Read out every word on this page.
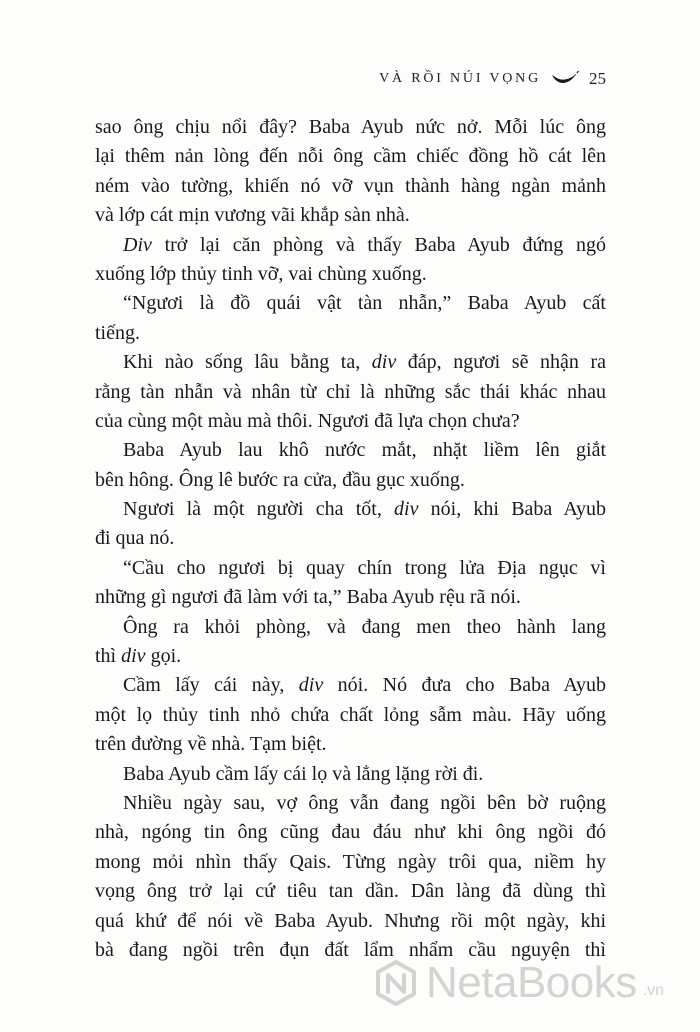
VÀ RỒI NÚI VỌNG	25
sao ông chịu nổi đây? Baba Ayub nức nở. Mỗi lúc ông
lại thêm nản lòng đến nỗi ông cầm chiếc đồng hồ cát lên
ném vào tường, khiến nó vỡ vụn thành hàng ngàn mảnh
và lớp cát mịn vương vãi khắp sàn nhà.
Div trở lại căn phòng và thấy Baba Ayub đứng ngó
xuống lớp thủy tinh vỡ, vai chùng xuống.
“Ngươi là đồ quái vật tàn nhẫn,” Baba Ayub cất
tiếng.
Khi nào sống lâu bằng ta, div đáp, ngươi sẽ nhận ra
rằng tàn nhẫn và nhân từ chỉ là những sắc thái khác nhau
của cùng một màu mà thôi. Ngươi đã lựa chọn chưa?
Baba Ayub lau khô nước mắt, nhặt liềm lên giắt
bên hông. Ông lê bước ra cửa, đầu gục xuống.
Ngươi là một người cha tốt, div nói, khi Baba Ayub
đi qua nó.
“Cầu cho ngươi bị quay chín trong lửa Địa ngục vì
những gì ngươi đã làm với ta,” Baba Ayub rệu rã nói.
Ông ra khỏi phòng, và đang men theo hành lang
thì div gọi.
Cầm lấy cái này, div nói. Nó đưa cho Baba Ayub
một lọ thủy tinh nhỏ chứa chất lỏng sẫm màu. Hãy uống
trên đường về nhà. Tạm biệt.
Baba Ayub cầm lấy cái lọ và lẳng lặng rời đi.
Nhiều ngày sau, vợ ông vẫn đang ngồi bên bờ ruộng
nhà, ngóng tin ông cũng đau đáu như khi ông ngồi đó
mong mỏi nhìn thấy Qais. Từng ngày trôi qua, niềm hy
vọng ông trở lại cứ tiêu tan dần. Dân làng đã dùng thì
quá khứ để nói về Baba Ayub. Nhưng rồi một ngày, khi
bà đang ngồi trên đụn đất lẩm nhẩm cầu nguyện thì
NetaBooks .vn
